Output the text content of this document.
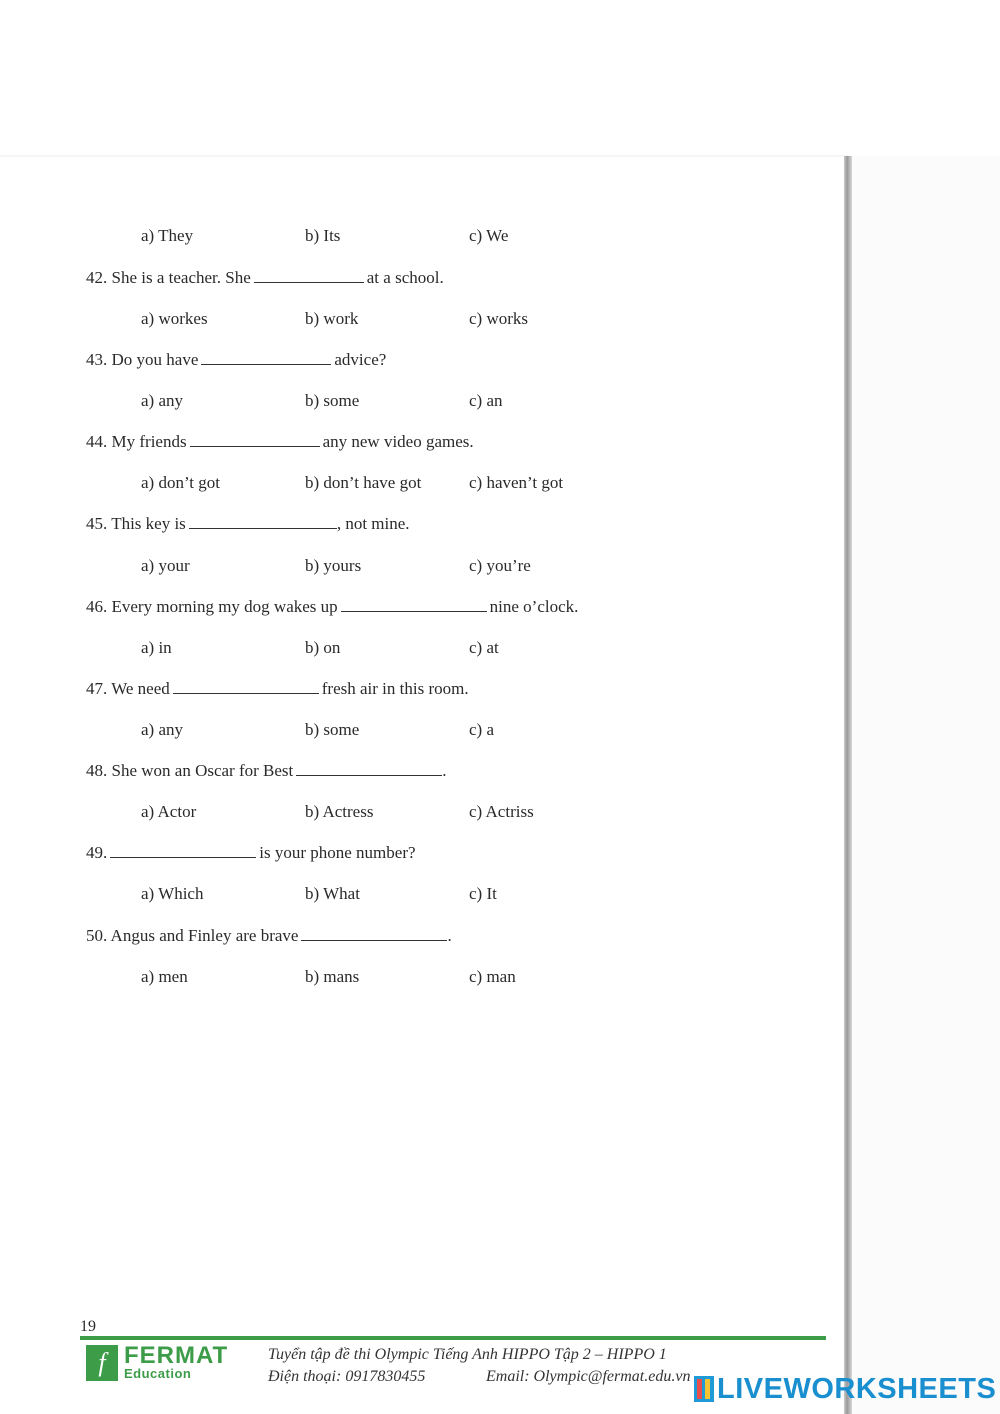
a) They	b) Its	c) We
42. She is a teacher. She	at a school.
a) workes	b) work	c) works
43. Do you have	advice?
a) any	b) some	c) an
44. My friends	any new video games.
a) don’t got	b) don’t have got	c) haven’t got
45. This key is	, not mine.
a) your	b) yours	c) you’re
46. Every morning my dog wakes up	nine o’clock.
a) in	b) on	c) at
47. We need	fresh air in this room.
a) any	b) some	c) a
48. She won an Oscar for Best	.
a) Actor	b) Actress	c) Actriss
49.	is your phone number?
a) Which	b) What	c) It
50. Angus and Finley are brave	.
a) men	b) mans	c) man
19
f FERMAT
Education
Tuyển tập đề thi Olympic Tiếng Anh HIPPO Tập 2 – HIPPO 1
Điện thoại: 0917830455	Email: Olympic@fermat.edu.vn LIVEWORKSHEETS
